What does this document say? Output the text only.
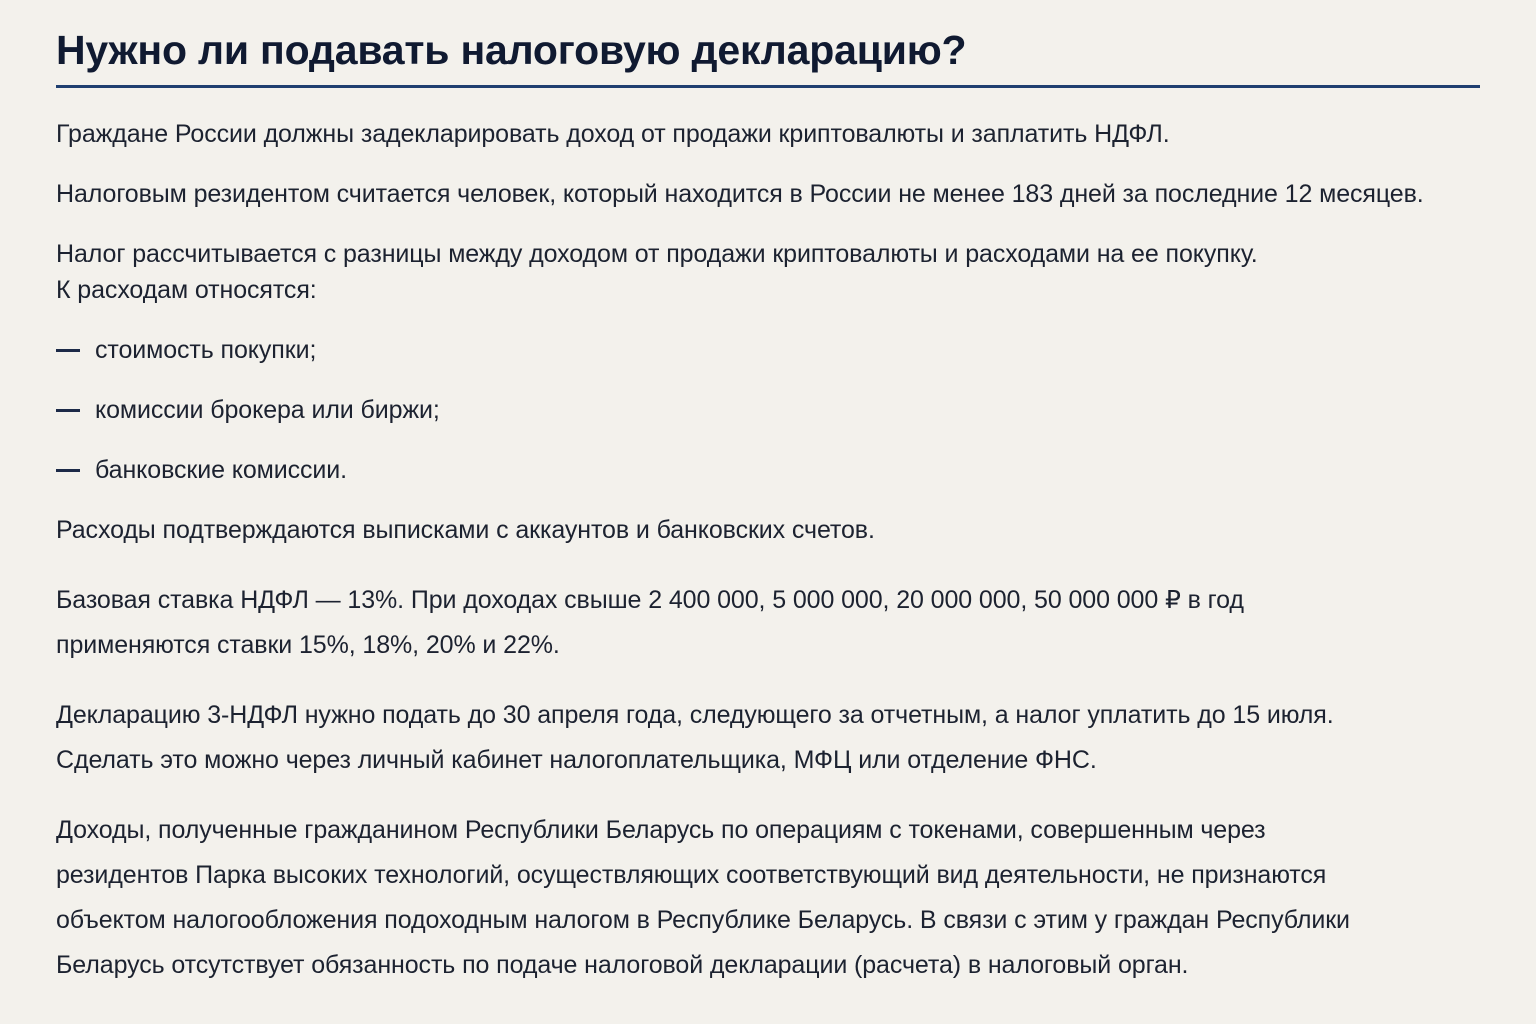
Нужно ли подавать налоговую декларацию?

Граждане России должны задекларировать доход от продажи криптовалюты и заплатить НДФЛ.

Налоговым резидентом считается человек, который находится в России не менее 183 дней за последние 12 месяцев.

Налог рассчитывается с разницы между доходом от продажи криптовалюты и расходами на ее покупку.
К расходам относятся:

стоимость покупки;
комиссии брокера или биржи;
банковские комиссии.

Расходы подтверждаются выписками с аккаунтов и банковских счетов.

Базовая ставка НДФЛ — 13%. При доходах свыше 2 400 000, 5 000 000, 20 000 000, 50 000 000 ₽ в год
применяются ставки 15%, 18%, 20% и 22%.

Декларацию 3-НДФЛ нужно подать до 30 апреля года, следующего за отчетным, а налог уплатить до 15 июля.
Сделать это можно через личный кабинет налогоплательщика, МФЦ или отделение ФНС.

Доходы, полученные гражданином Республики Беларусь по операциям с токенами, совершенным через
резидентов Парка высоких технологий, осуществляющих соответствующий вид деятельности, не признаются
объектом налогообложения подоходным налогом в Республике Беларусь. В связи с этим у граждан Республики
Беларусь отсутствует обязанность по подаче налоговой декларации (расчета) в налоговый орган.
